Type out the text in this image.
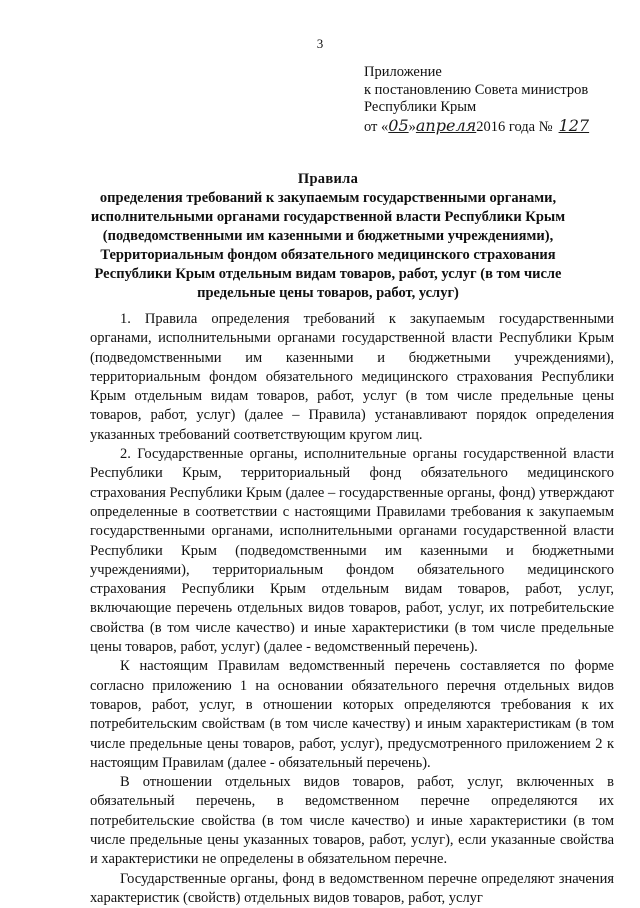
3
Приложение
к постановлению Совета министров
Республики Крым
от «05»апреля2016 года № 127
Правила
определения требований к закупаемым государственными органами,
исполнительными органами государственной власти Республики Крым
(подведомственными им казенными и бюджетными учреждениями),
Территориальным фондом обязательного медицинского страхования
Республики Крым отдельным видам товаров, работ, услуг (в том числе
предельные цены товаров, работ, услуг)

1. Правила определения требований к закупаемым государственными органами, исполнительными органами государственной власти Республики Крым (подведомственными им казенными и бюджетными учреждениями), территориальным фондом обязательного медицинского страхования Республики Крым отдельным видам товаров, работ, услуг (в том числе предельные цены товаров, работ, услуг) (далее – Правила) устанавливают порядок определения указанных требований соответствующим кругом лиц.

2. Государственные органы, исполнительные органы государственной власти Республики Крым, территориальный фонд обязательного медицинского страхования Республики Крым (далее – государственные органы, фонд) утверждают определенные в соответствии с настоящими Правилами требования к закупаемым государственными органами, исполнительными органами государственной власти Республики Крым (подведомственными им казенными и бюджетными учреждениями), территориальным фондом обязательного медицинского страхования Республики Крым отдельным видам товаров, работ, услуг, включающие перечень отдельных видов товаров, работ, услуг, их потребительские свойства (в том числе качество) и иные характеристики (в том числе предельные цены товаров, работ, услуг) (далее - ведомственный перечень).

К настоящим Правилам ведомственный перечень составляется по форме согласно приложению 1 на основании обязательного перечня отдельных видов товаров, работ, услуг, в отношении которых определяются требования к их потребительским свойствам (в том числе качеству) и иным характеристикам (в том числе предельные цены товаров, работ, услуг), предусмотренного приложением 2 к настоящим Правилам (далее - обязательный перечень).

В отношении отдельных видов товаров, работ, услуг, включенных в обязательный перечень, в ведомственном перечне определяются их потребительские свойства (в том числе качество) и иные характеристики (в том числе предельные цены указанных товаров, работ, услуг), если указанные свойства и характеристики не определены в обязательном перечне.

Государственные органы, фонд в ведомственном перечне определяют значения характеристик (свойств) отдельных видов товаров, работ, услуг
